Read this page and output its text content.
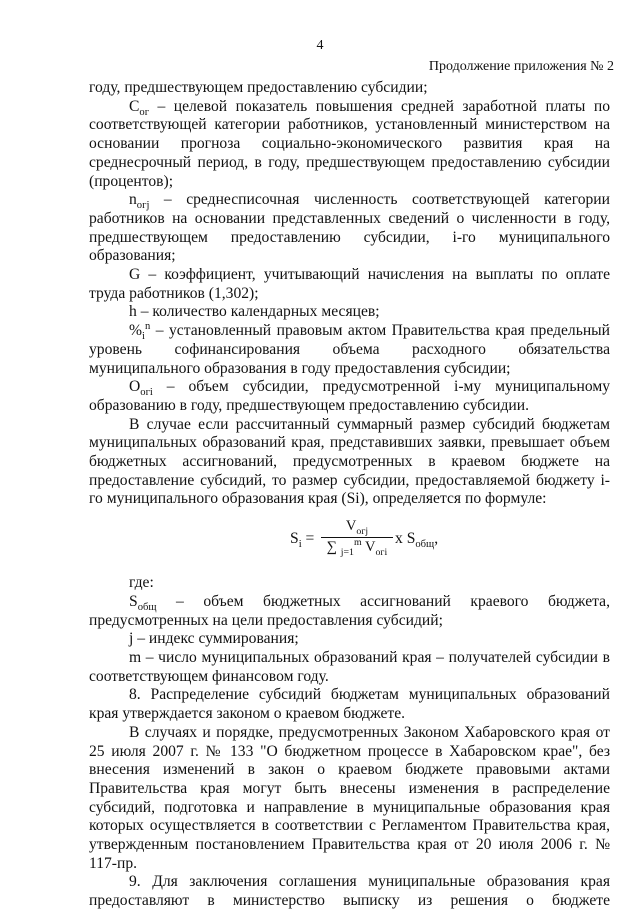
4
Продолжение приложения № 2

году, предшествующем предоставлению субсидии;

$С_{ог}$ – целевой показатель повышения средней заработной платы по соответствующей категории работников, установленный министерством на основании прогноза социально-экономического развития края на среднесрочный период, в году, предшествующем предоставлению субсидии (процентов);

$n_{огj}$ – среднесписочная численность соответствующей категории работников на основании представленных сведений о численности в году, предшествующем предоставлению субсидии, i-го муниципального образования;

G – коэффициент, учитывающий начисления на выплаты по оплате труда работников (1,302);

h – количество календарных месяцев;

$\%_i^n$ – установленный правовым актом Правительства края предельный уровень софинансирования объема расходного обязательства муниципального образования в году предоставления субсидии;

$O_{огi}$ – объем субсидии, предусмотренной i-му муниципальному образованию в году, предшествующем предоставлению субсидии.

В случае если рассчитанный суммарный размер субсидий бюджетам муниципальных образований края, представивших заявки, превышает объем бюджетных ассигнований, предусмотренных в краевом бюджете на предоставление субсидий, то размер субсидии, предоставляемой бюджету i-го муниципального образования края (Si), определяется по формуле:

$S_i$ =
$V_{огj}$
∑ $_{j=1}^m$ $V_{огi}$
x $S_{общ}$,

где:

$S_{общ}$ – объем бюджетных ассигнований краевого бюджета, предусмотренных на цели предоставления субсидий;

j – индекс суммирования;

m – число муниципальных образований края – получателей субсидии в соответствующем финансовом году.

8. Распределение субсидий бюджетам муниципальных образований края утверждается законом о краевом бюджете.

В случаях и порядке, предусмотренных Законом Хабаровского края от 25 июля 2007 г. № 133 "О бюджетном процессе в Хабаровском крае", без внесения изменений в закон о краевом бюджете правовыми актами Правительства края могут быть внесены изменения в распределение субсидий, подготовка и направление в муниципальные образования края которых осуществляется в соответствии с Регламентом Правительства края, утвержденным постановлением Правительства края от 20 июля 2006 г. № 117-пр.

9. Для заключения соглашения муниципальные образования края предоставляют в министерство выписку из решения о бюджете
